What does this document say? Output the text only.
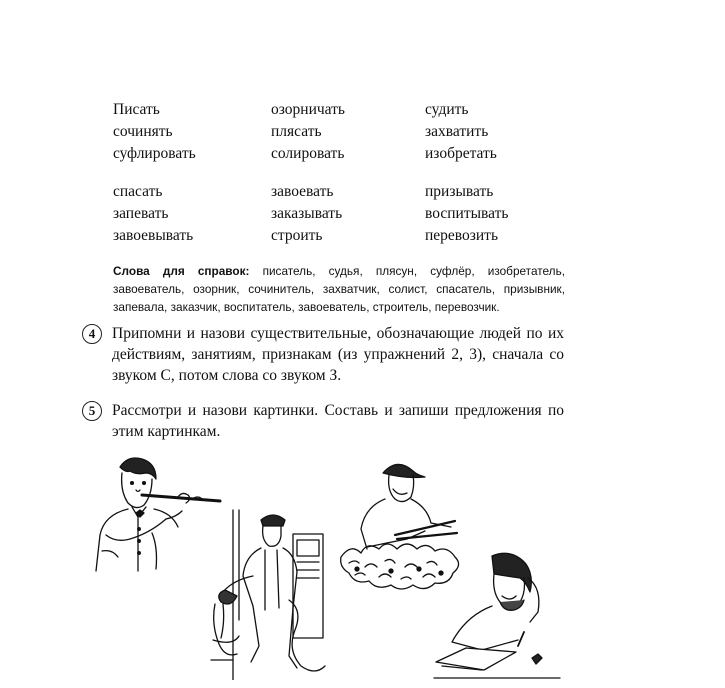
Писать
сочинять
суфлировать
озорничать
плясать
солировать
судить
захватить
изобретать
спасать
запевать
завоевывать
завоевать
заказывать
строить
призывать
воспитывать
перевозить
Слова для справок: писатель, судья, плясун, суфлёр, изобретатель, завоеватель, озорник, сочинитель, захватчик, солист, спасатель, призывник, запевала, заказчик, воспитатель, завоеватель, строитель, перевозчик.
4	Припомни и назови существительные, обозначающие людей по их действиям, занятиям, признакам (из упражнений 2, 3), сначала со звуком С, потом слова со звуком З.
5	Рассмотри и назови картинки. Составь и запиши предложения по этим картинкам.
